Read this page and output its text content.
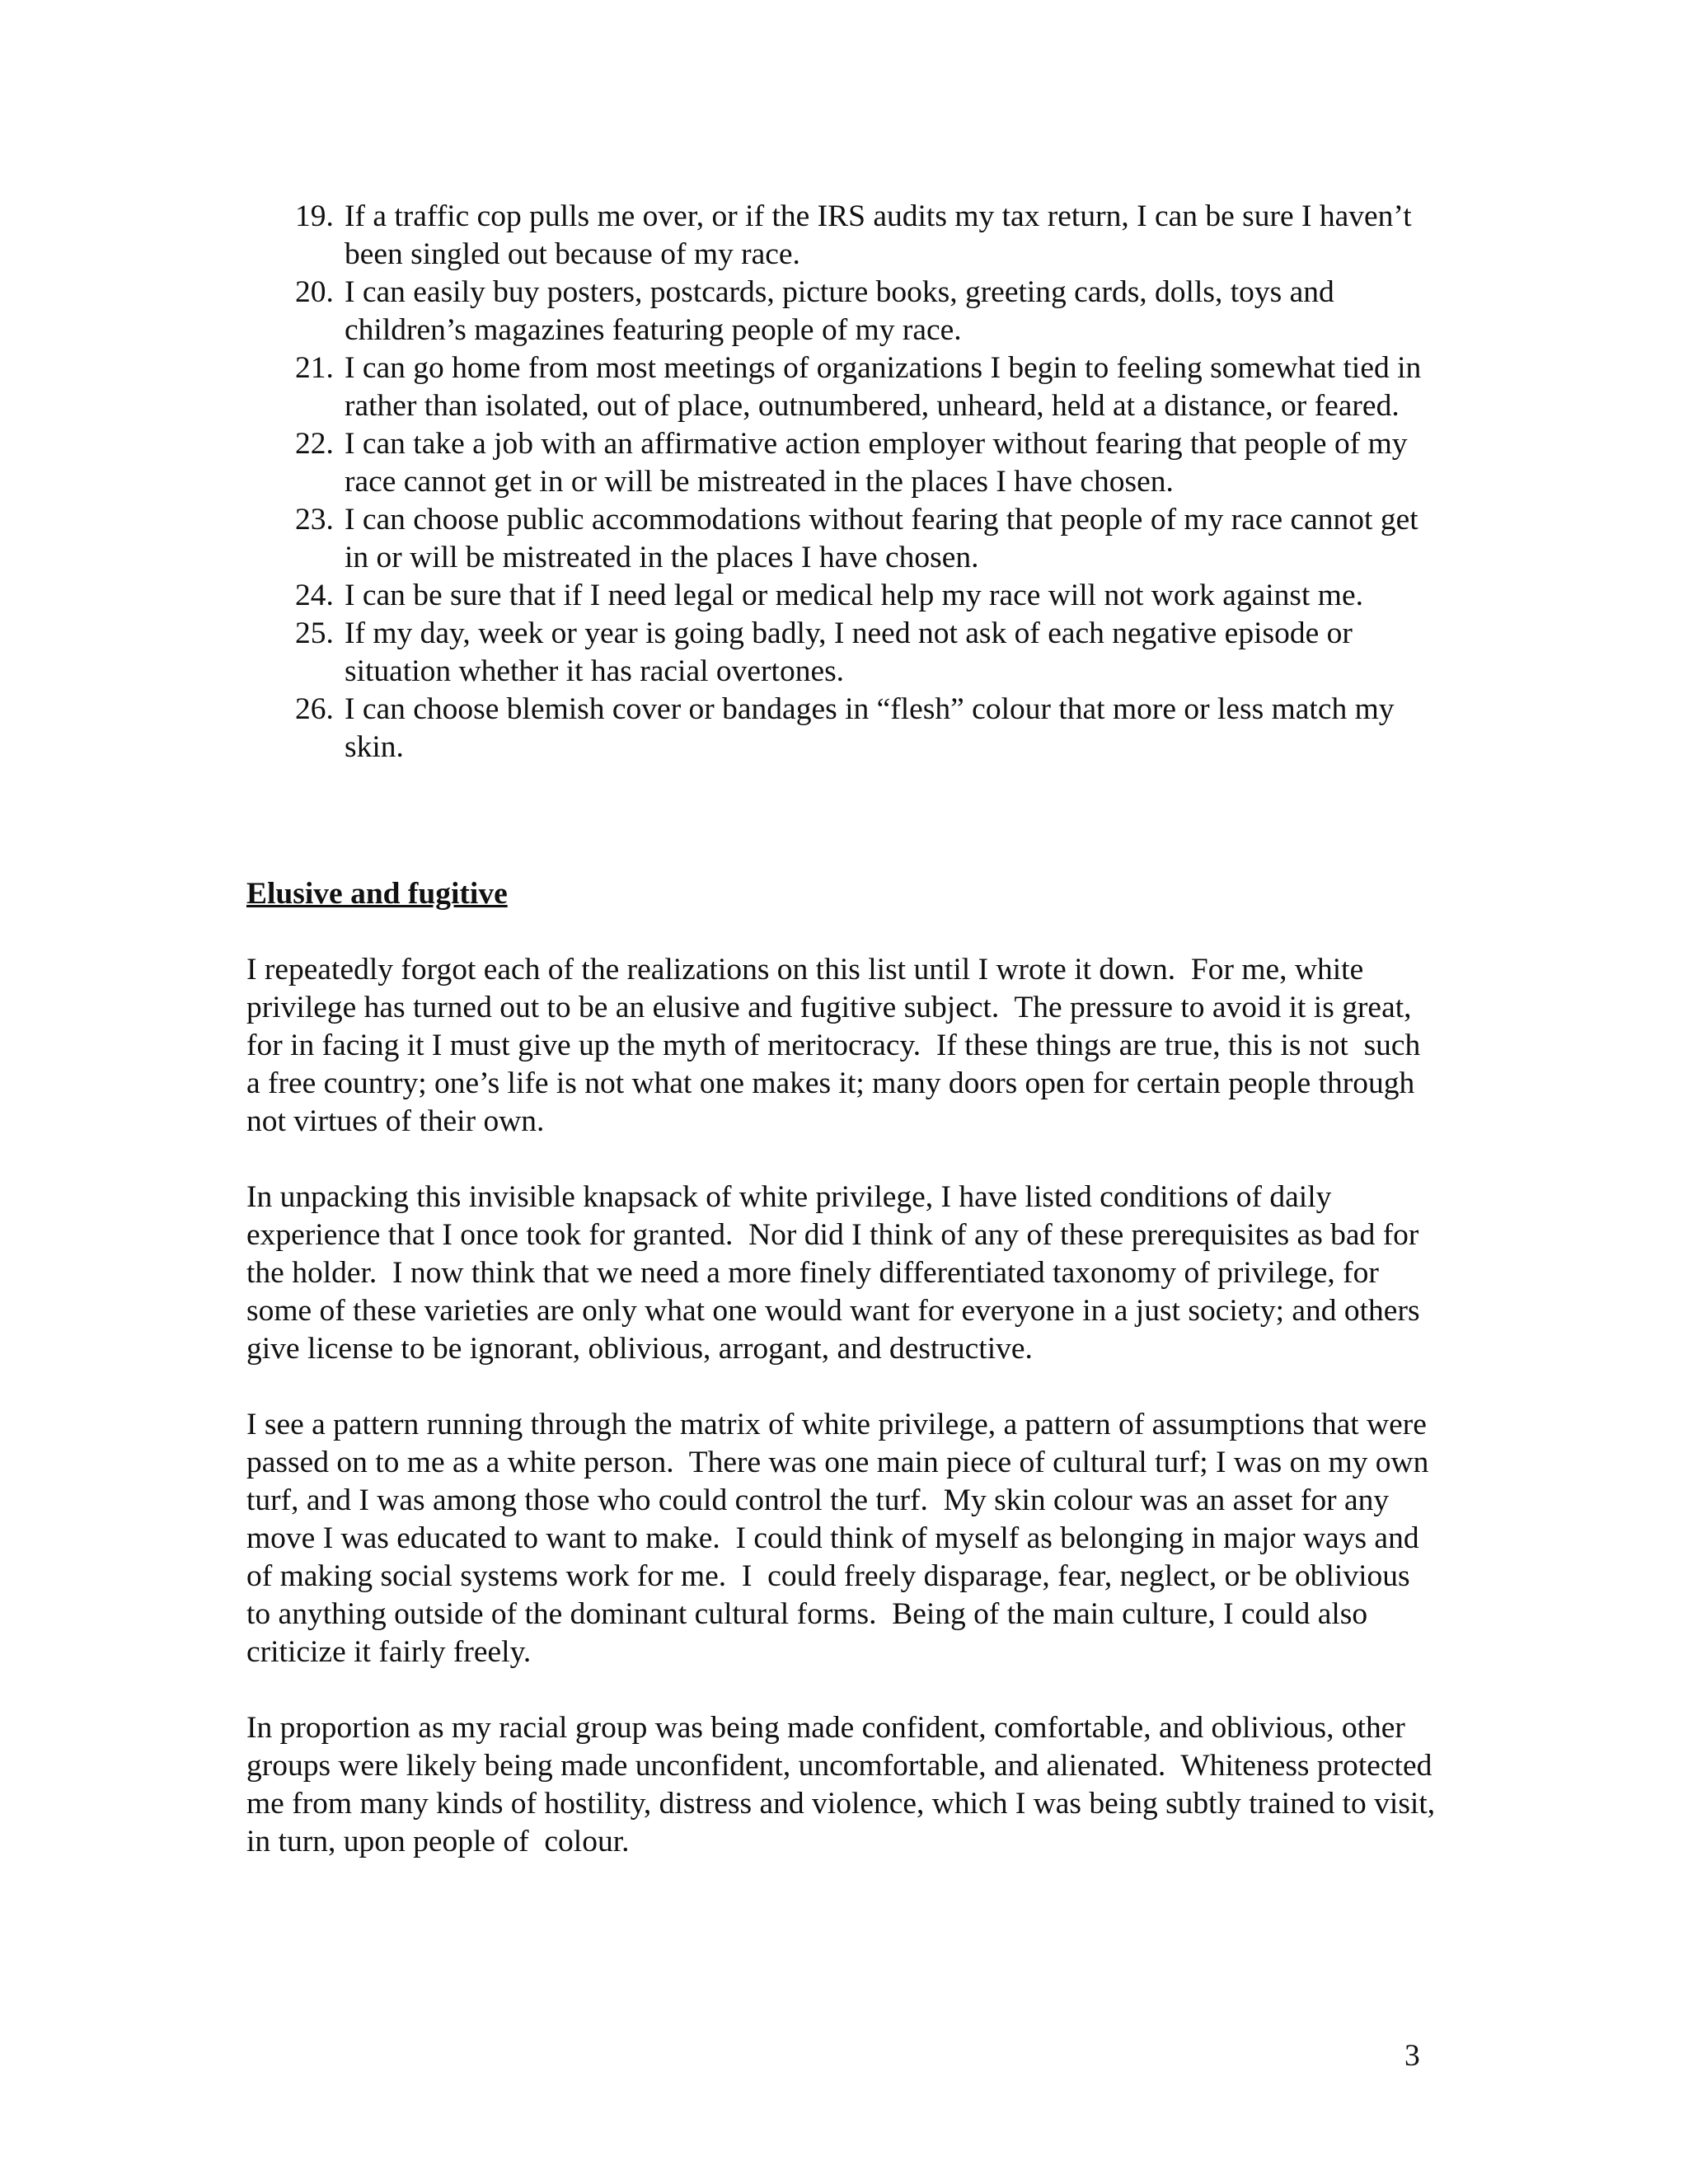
19. If a traffic cop pulls me over, or if the IRS audits my tax return, I can be sure I haven’t been singled out because of my race.
20. I can easily buy posters, postcards, picture books, greeting cards, dolls, toys and children’s magazines featuring people of my race.
21. I can go home from most meetings of organizations I begin to feeling somewhat tied in rather than isolated, out of place, outnumbered, unheard, held at a distance, or feared.
22. I can take a job with an affirmative action employer without fearing that people of my race cannot get in or will be mistreated in the places I have chosen.
23. I can choose public accommodations without fearing that people of my race cannot get in or will be mistreated in the places I have chosen.
24. I can be sure that if I need legal or medical help my race will not work against me.
25. If my day, week or year is going badly, I need not ask of each negative episode or situation whether it has racial overtones.
26. I can choose blemish cover or bandages in “flesh” colour that more or less match my skin.
Elusive and fugitive

I repeatedly forgot each of the realizations on this list until I wrote it down.  For me, white privilege has turned out to be an elusive and fugitive subject.  The pressure to avoid it is great, for in facing it I must give up the myth of meritocracy.  If these things are true, this is not  such a free country; one’s life is not what one makes it; many doors open for certain people through not virtues of their own.

In unpacking this invisible knapsack of white privilege, I have listed conditions of daily experience that I once took for granted.  Nor did I think of any of these prerequisites as bad for the holder.  I now think that we need a more finely differentiated taxonomy of privilege, for some of these varieties are only what one would want for everyone in a just society; and others give license to be ignorant, oblivious, arrogant, and destructive.

I see a pattern running through the matrix of white privilege, a pattern of assumptions that were passed on to me as a white person.  There was one main piece of cultural turf; I was on my own turf, and I was among those who could control the turf.  My skin colour was an asset for any move I was educated to want to make.  I could think of myself as belonging in major ways and of making social systems work for me.  I  could freely disparage, fear, neglect, or be oblivious to anything outside of the dominant cultural forms.  Being of the main culture, I could also criticize it fairly freely.

In proportion as my racial group was being made confident, comfortable, and oblivious, other groups were likely being made unconfident, uncomfortable, and alienated.  Whiteness protected me from many kinds of hostility, distress and violence, which I was being subtly trained to visit, in turn, upon people of  colour.

3
